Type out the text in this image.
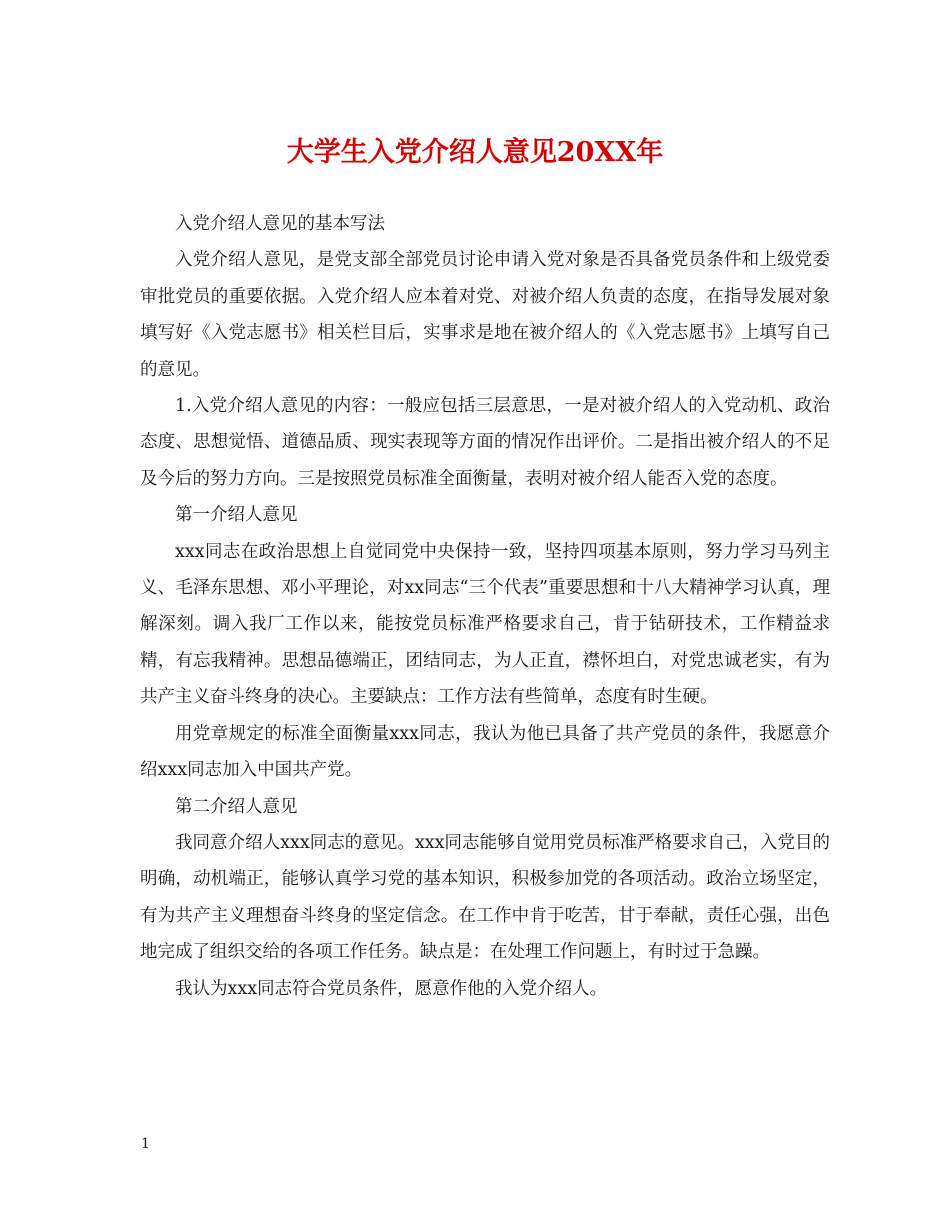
大学生入党介绍人意见20XX年

入党介绍人意见的基本写法

入党介绍人意见，是党支部全部党员讨论申请入党对象是否具备党员条件和上级党委审批党员的重要依据。入党介绍人应本着对党、对被介绍人负责的态度，在指导发展对象填写好《入党志愿书》相关栏目后，实事求是地在被介绍人的《入党志愿书》上填写自己的意见。

1.入党介绍人意见的内容：一般应包括三层意思，一是对被介绍人的入党动机、政治态度、思想觉悟、道德品质、现实表现等方面的情况作出评价。二是指出被介绍人的不足及今后的努力方向。三是按照党员标准全面衡量，表明对被介绍人能否入党的态度。

第一介绍人意见

xxx同志在政治思想上自觉同党中央保持一致，坚持四项基本原则，努力学习马列主义、毛泽东思想、邓小平理论，对xx同志“三个代表”重要思想和十八大精神学习认真，理解深刻。调入我厂工作以来，能按党员标准严格要求自己，肯于钻研技术，工作精益求精，有忘我精神。思想品德端正，团结同志，为人正直，襟怀坦白，对党忠诚老实，有为共产主义奋斗终身的决心。主要缺点：工作方法有些简单，态度有时生硬。

用党章规定的标准全面衡量xxx同志，我认为他已具备了共产党员的条件，我愿意介绍xxx同志加入中国共产党。

第二介绍人意见

我同意介绍人xxx同志的意见。xxx同志能够自觉用党员标准严格要求自己，入党目的明确，动机端正，能够认真学习党的基本知识，积极参加党的各项活动。政治立场坚定，有为共产主义理想奋斗终身的坚定信念。在工作中肯于吃苦，甘于奉献，责任心强，出色地完成了组织交给的各项工作任务。缺点是：在处理工作问题上，有时过于急躁。

我认为xxx同志符合党员条件，愿意作他的入党介绍人。

1
